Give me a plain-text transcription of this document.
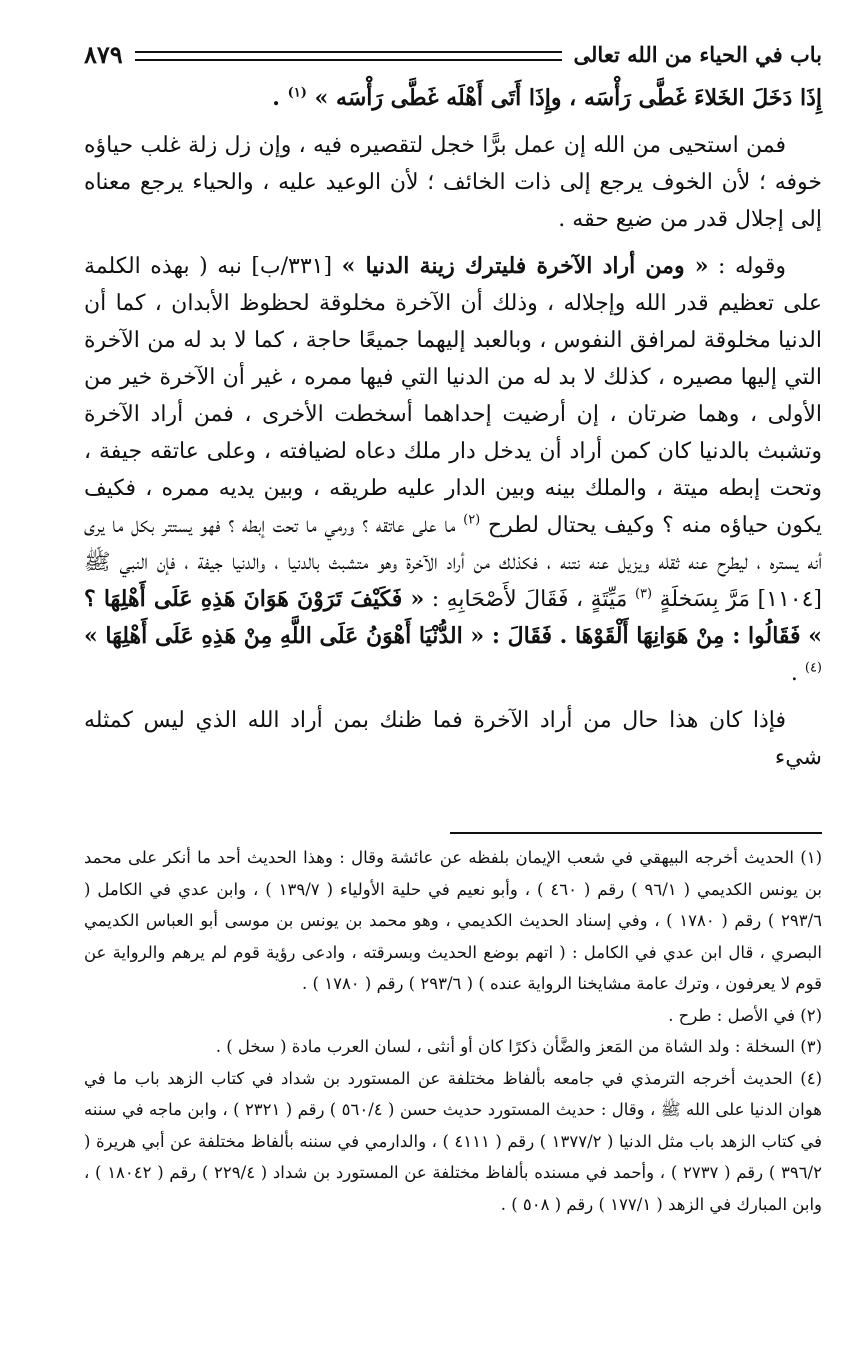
باب في الحياء من الله تعالى
٨٧٩

إِذَا دَخَلَ الخَلاءَ غَطَّى رَأْسَه ، وإِذَا أَتَى أَهْلَه غَطَّى رَأْسَه » $^{(١)}$ .

فمن استحيى من الله إن عمل برًّا خجل لتقصيره فيه ، وإن زل زلة غلب حياؤه خوفه ؛ لأن الخوف يرجع إلى ذات الخائف ؛ لأن الوعيد عليه ، والحياء يرجع معناه إلى إجلال قدر من ضيع حقه .

وقوله : « ومن أراد الآخرة فليترك زينة الدنيا » [٣٣١/ب] نبه ( بهذه الكلمة على تعظيم قدر الله وإجلاله ، وذلك أن الآخرة مخلوقة لحظوظ الأبدان ، كما أن الدنيا مخلوقة لمرافق النفوس ، وبالعبد إليهما جميعًا حاجة ، كما لا بد له من الآخرة التي إليها مصيره ، كذلك لا بد له من الدنيا التي فيها ممره ، غير أن الآخرة خير من الأولى ، وهما ضرتان ، إن أرضيت إحداهما أسخطت الأخرى ، فمن أراد الآخرة وتشبث بالدنيا كان كمن أراد أن يدخل دار ملك دعاه لضيافته ، وعلى عاتقه جيفة ، وتحت إبطه ميتة ، والملك بينه وبين الدار عليه طريقه ، وبين يديه ممره ، فكيف يكون حياؤه منه ؟ وكيف يحتال لطرح $^{(٢)}$ ما على عاتقه ؟ ورمي ما تحت إبطه ؟ فهو يستتر بكل ما يرى أنه يستره ، ليطرح عنه ثقله ويزيل عنه نتنه ، فكذلك من أراد الآخرة وهو متشبث بالدنيا ، والدنيا جيفة ، فإن النبي ﷺ [١١٠٤] مَرَّ بِسَخلَةٍ $^{(٣)}$ مَيِّتَةٍ ، فَقَالَ لأَصْحَابِهِ : « فَكَيْفَ تَرَوْنَ هَوَانَ هَذِهِ عَلَى أَهْلِهَا ؟ » فَقَالُوا : مِنْ هَوَانِهَا أَلْقَوْهَا . فَقَالَ : « الدُّنْيَا أَهْوَنُ عَلَى اللَّهِ مِنْ هَذِهِ عَلَى أَهْلِهَا » $^{(٤)}$ .

فإذا كان هذا حال من أراد الآخرة فما ظنك بمن أراد الله الذي ليس كمثله شيء

(١) الحديث أخرجه البيهقي في شعب الإيمان بلفظه عن عائشة وقال : وهذا الحديث أحد ما أنكر على محمد بن يونس الكديمي ( ٩٦/١ ) رقم ( ٤٦٠ ) ، وأبو نعيم في حلية الأولياء ( ١٣٩/٧ ) ، وابن عدي في الكامل ( ٢٩٣/٦ ) رقم ( ١٧٨٠ ) ، وفي إسناد الحديث الكديمي ، وهو محمد بن يونس بن موسى أبو العباس الكديمي البصري ، قال ابن عدي في الكامل : ( اتهم بوضع الحديث وبسرقته ، وادعى رؤية قوم لم يرهم والرواية عن قوم لا يعرفون ، وترك عامة مشايخنا الرواية عنده ) ( ٢٩٣/٦ ) رقم ( ١٧٨٠ ) .

(٢) في الأصل : طرح .

(٣) السخلة : ولد الشاة من المَعز والضَّأن ذكرًا كان أو أنثى ، لسان العرب مادة ( سخل ) .

(٤) الحديث أخرجه الترمذي في جامعه بألفاظ مختلفة عن المستورد بن شداد في كتاب الزهد باب ما في هوان الدنيا على الله ﷺ ، وقال : حديث المستورد حديث حسن ( ٥٦٠/٤ ) رقم ( ٢٣٢١ ) ، وابن ماجه في سننه في كتاب الزهد باب مثل الدنيا ( ١٣٧٧/٢ ) رقم ( ٤١١١ ) ، والدارمي في سننه بألفاظ مختلفة عن أبي هريرة ( ٣٩٦/٢ ) رقم ( ٢٧٣٧ ) ، وأحمد في مسنده بألفاظ مختلفة عن المستورد بن شداد ( ٢٢٩/٤ ) رقم ( ١٨٠٤٢ ) ، وابن المبارك في الزهد ( ١٧٧/١ ) رقم ( ٥٠٨ ) .
